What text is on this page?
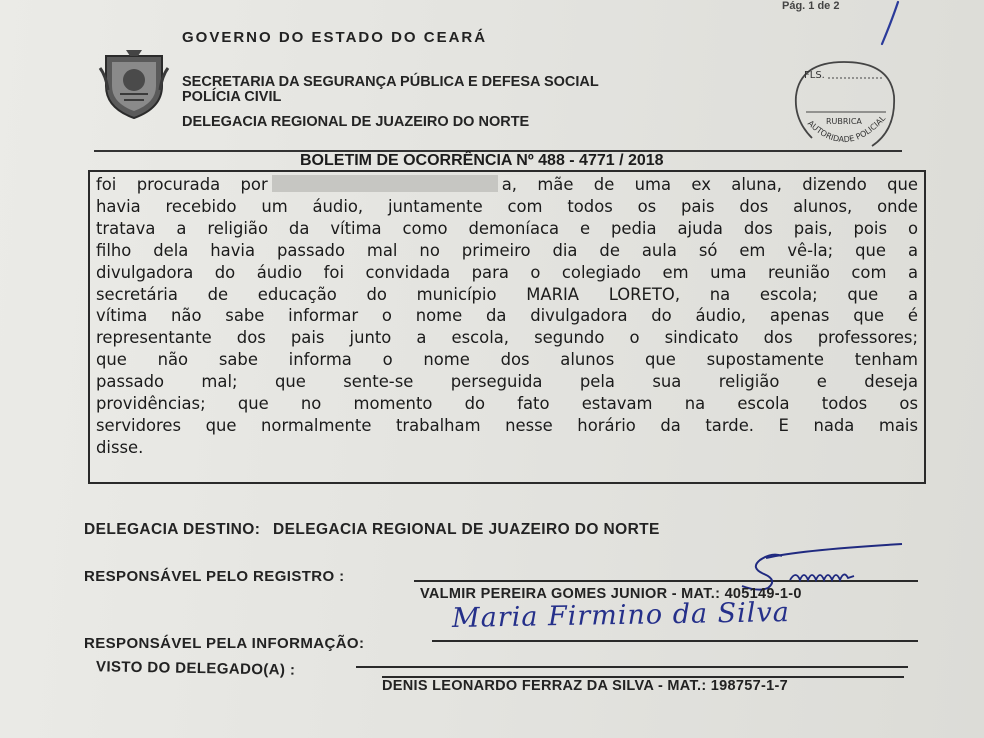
Pág. 1 de 2
GOVERNO DO ESTADO DO CEARÁ
SECRETARIA DA SEGURANÇA PÚBLICA E DEFESA SOCIAL
POLÍCIA CIVIL
DELEGACIA REGIONAL DE JUAZEIRO DO NORTE
FLS.
RUBRICA
AUTORIDADE POLICIAL
BOLETIM DE OCORRÊNCIA Nº 488 - 4771 / 2018
foi procurada por	a, mãe de uma ex aluna, dizendo que
havia recebido um áudio, juntamente com todos os pais dos alunos, onde
tratava a religião da vítima como demoníaca e pedia ajuda dos pais, pois o
filho dela havia passado mal no primeiro dia de aula só em vê-la; que a
divulgadora do áudio foi convidada para o colegiado em uma reunião com a
secretária de educação do município MARIA LORETO, na escola; que a
vítima não sabe informar o nome da divulgadora do áudio, apenas que é
representante dos pais junto a escola, segundo o sindicato dos professores;
que não sabe informa o nome dos alunos que supostamente tenham
passado mal; que sente-se perseguida pela sua religião e deseja
providências; que no momento do fato estavam na escola todos os
servidores que normalmente trabalham nesse horário da tarde. E nada mais
disse.
DELEGACIA DESTINO: DELEGACIA REGIONAL DE JUAZEIRO DO NORTE
RESPONSÁVEL PELO REGISTRO :
VALMIR PEREIRA GOMES JUNIOR - MAT.: 405149-1-0
RESPONSÁVEL PELA INFORMAÇÃO:
Maria Firmino da Silva
VISTO DO DELEGADO(A) :
DENIS LEONARDO FERRAZ DA SILVA - MAT.: 198757-1-7
